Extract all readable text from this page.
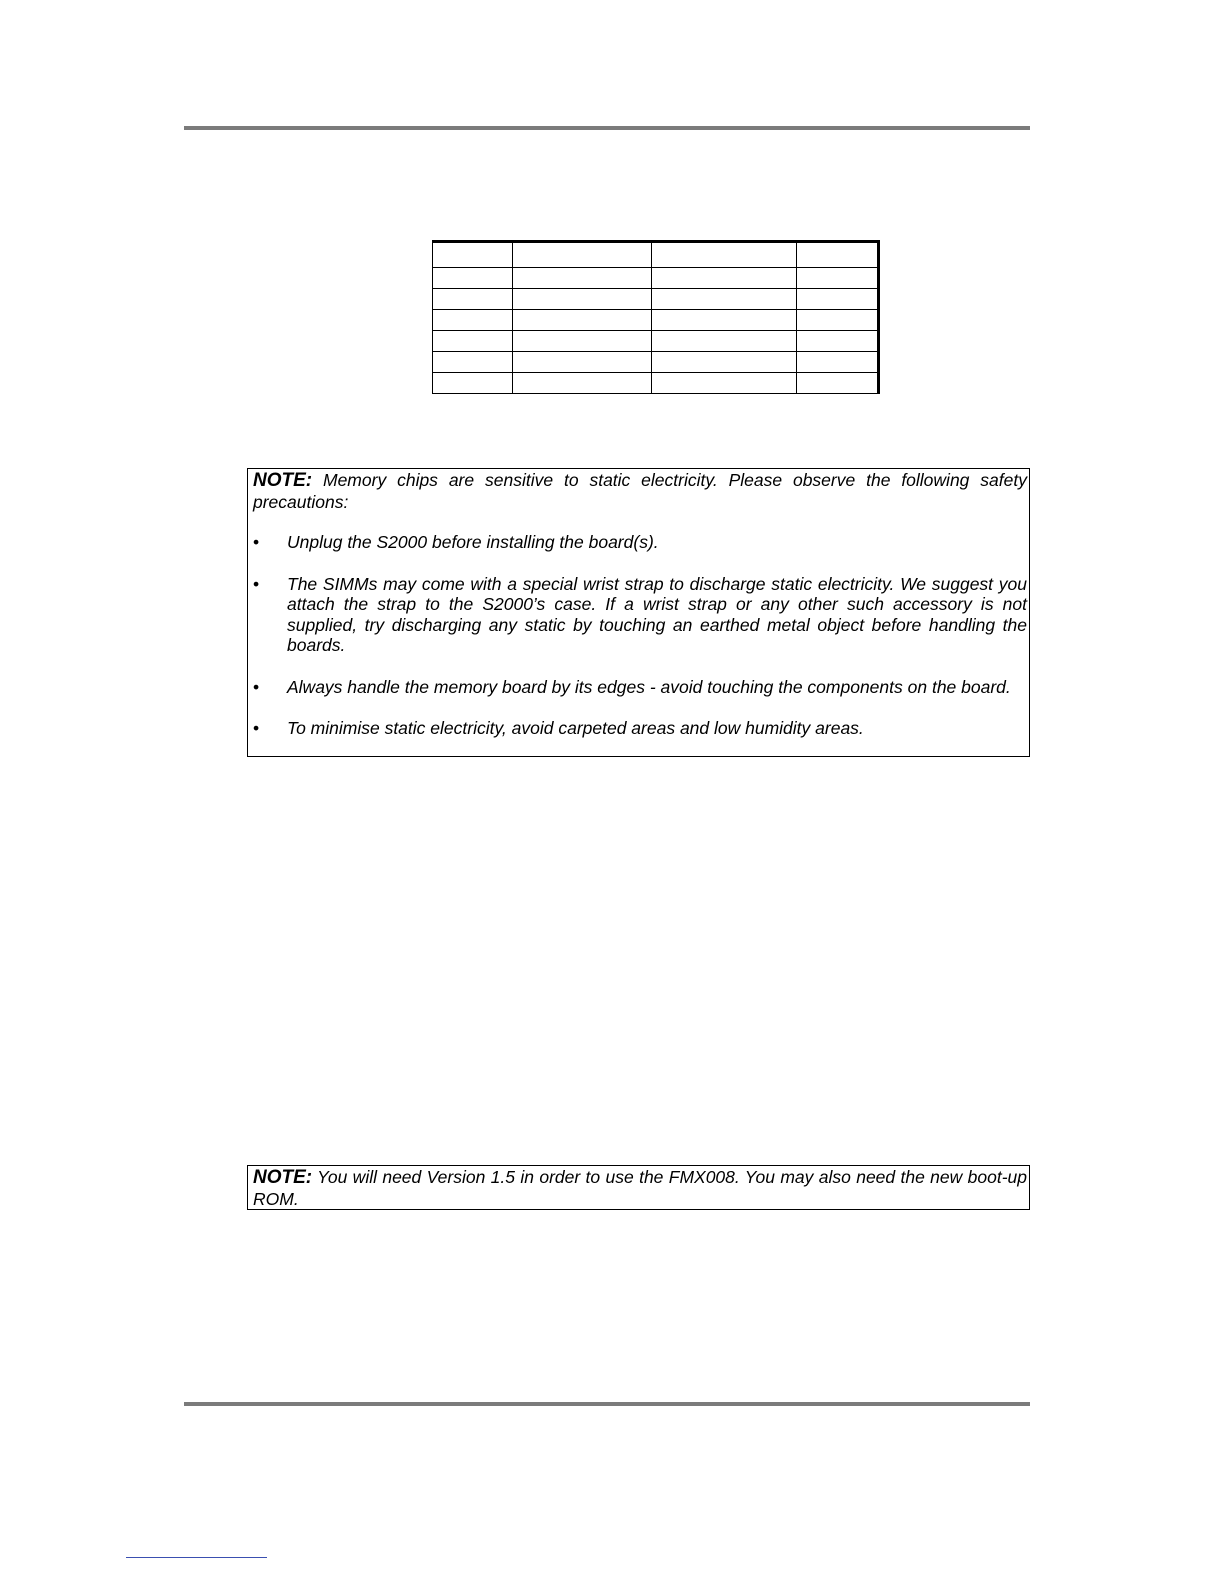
NOTE: Memory chips are sensitive to static electricity. Please observe the following safety precautions:

• Unplug the S2000 before installing the board(s).

• The SIMMs may come with a special wrist strap to discharge static electricity. We suggest you attach the strap to the S2000’s case. If a wrist strap or any other such accessory is not supplied, try discharging any static by touching an earthed metal object before handling the boards.

• Always handle the memory board by its edges - avoid touching the components on the board.

• To minimise static electricity, avoid carpeted areas and low humidity areas.

NOTE: You will need Version 1.5 in order to use the FMX008. You may also need the new boot-up ROM.
